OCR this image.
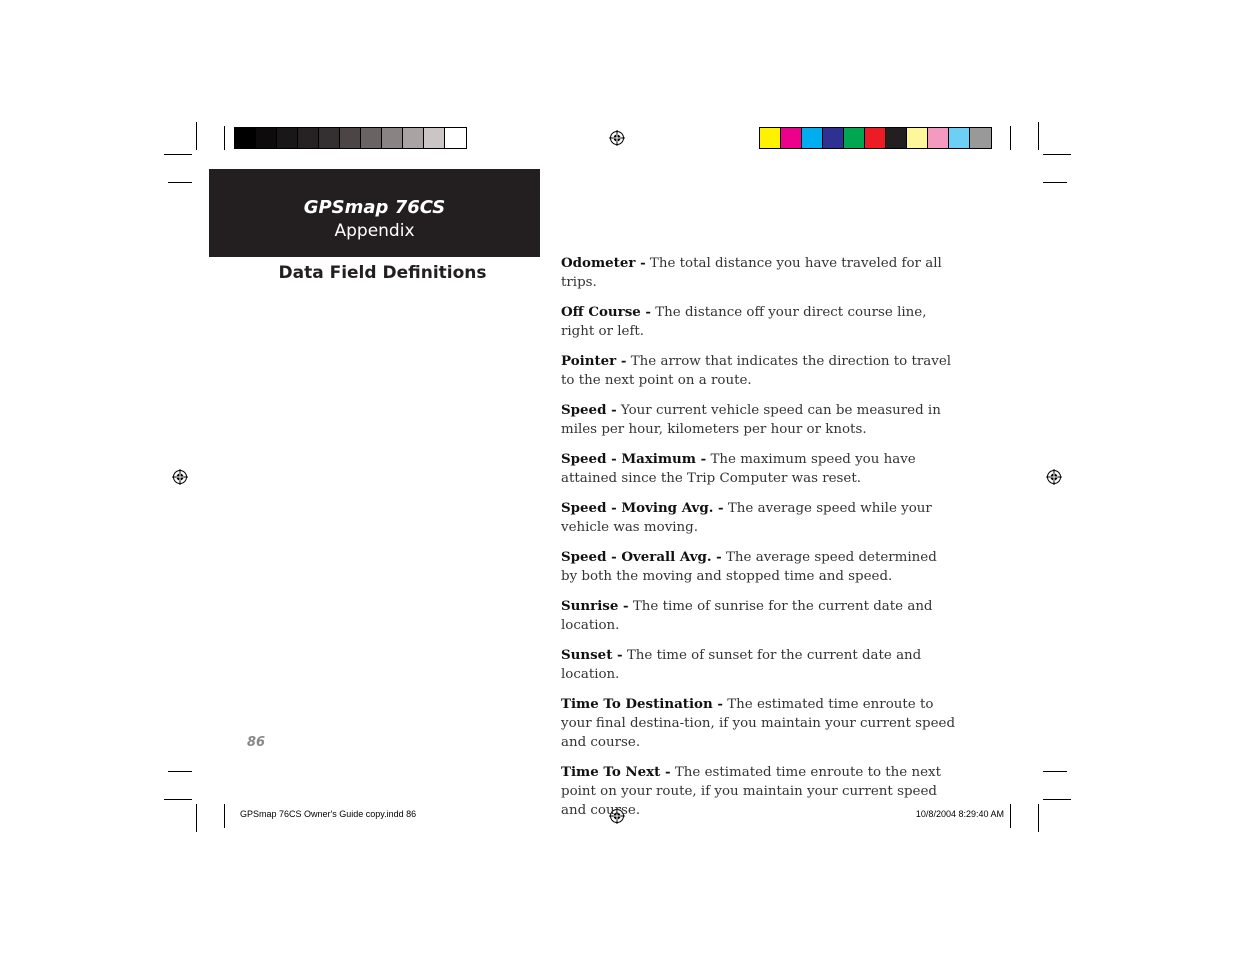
GPSmap 76CS
Appendix
Data Field Definitions	Odometer - The total distance you have traveled for all trips.

Off Course - The distance off your direct course line, right or left.

Pointer - The arrow that indicates the direction to travel to the next point on a route.

Speed - Your current vehicle speed can be measured in miles per hour, kilometers per hour or knots.

Speed - Maximum - The maximum speed you have attained since the Trip Computer was reset.

Speed - Moving Avg. - The average speed while your vehicle was moving.

Speed - Overall Avg. - The average speed determined by both the moving and stopped time and speed.

Sunrise - The time of sunrise for the current date and location.

Sunset - The time of sunset for the current date and location.

Time To Destination - The estimated time enroute to your final destina-tion, if you maintain your current speed and course.

Time To Next - The estimated time enroute to the next point on your route, if you maintain your current speed and course.

86
GPSmap 76CS Owner's Guide copy.indd 86	10/8/2004 8:29:40 AM
